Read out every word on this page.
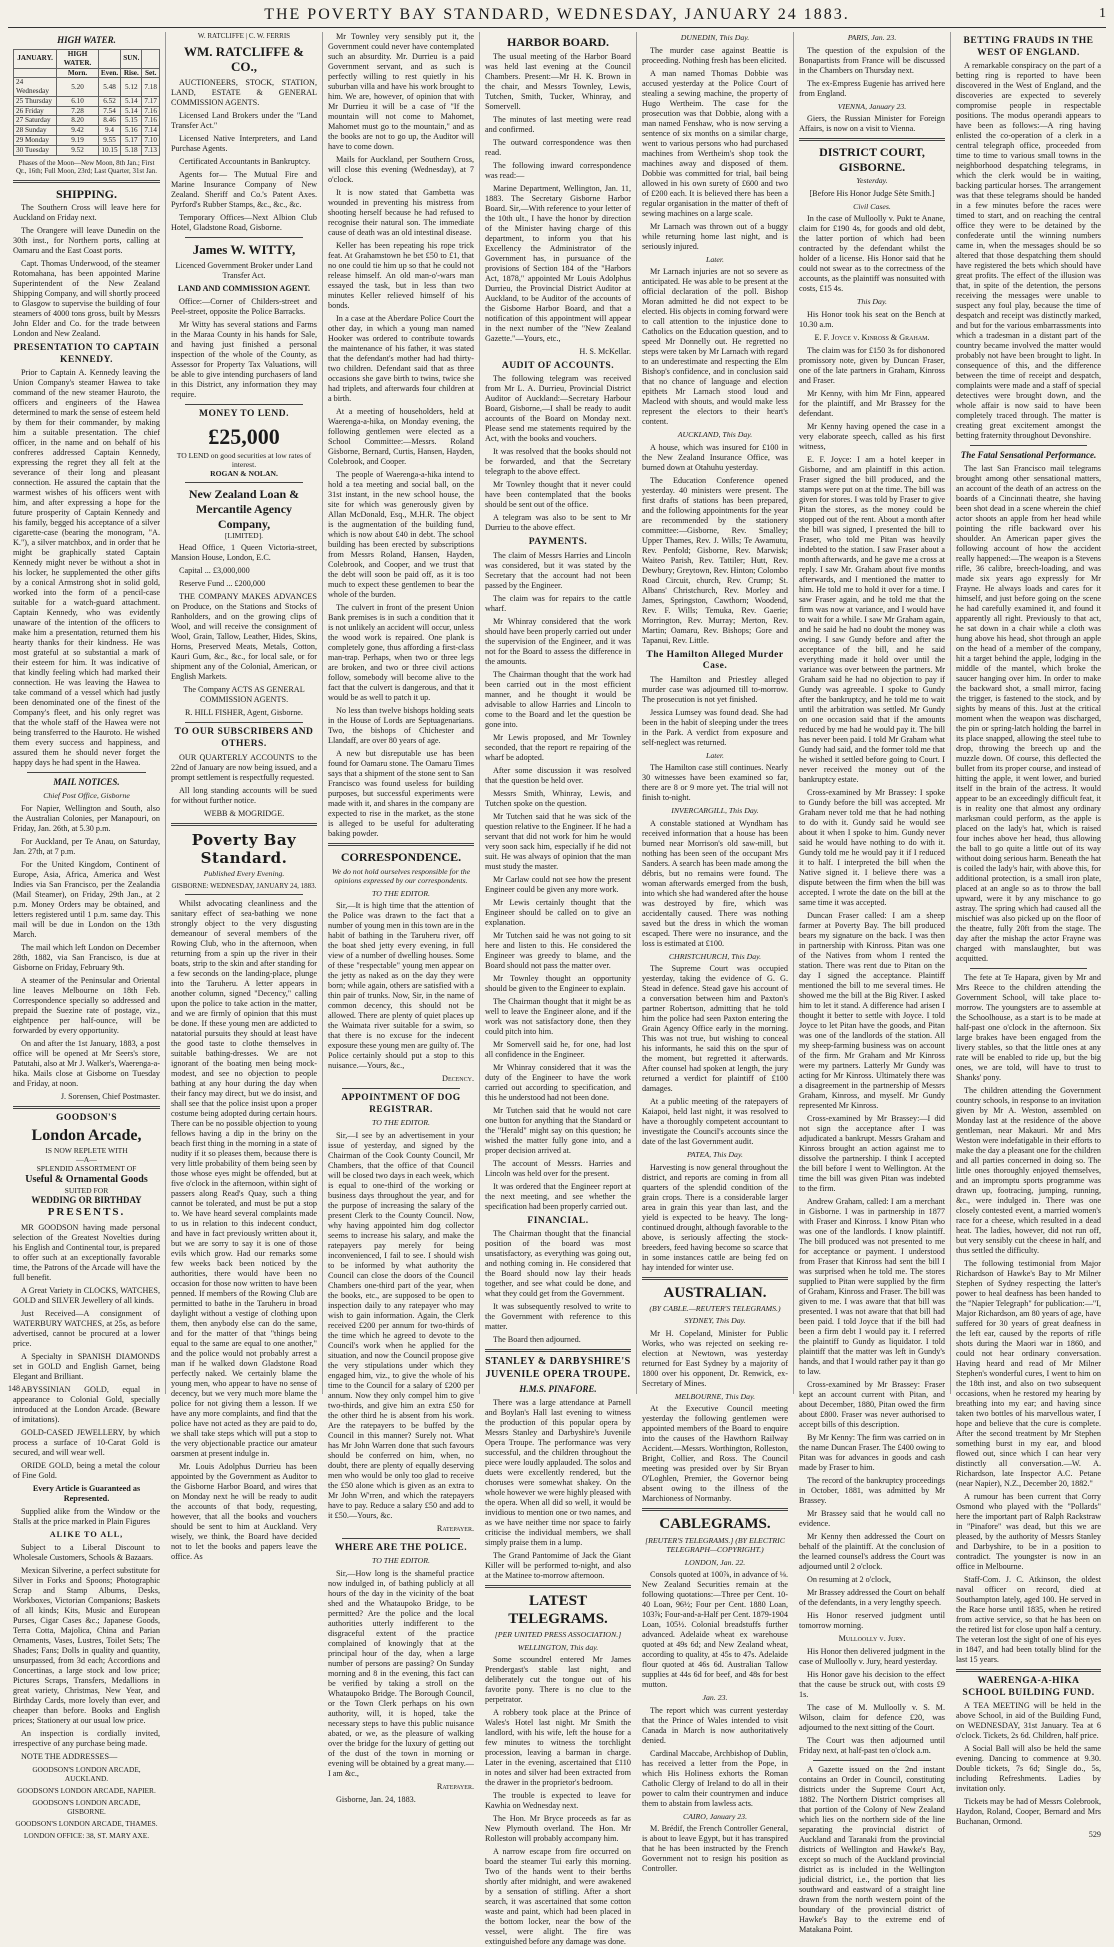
THE POVERTY BAY STANDARD, WEDNESDAY, JANUARY 24 1883.	1
HIGH WATER.
JANUARY.	HIGH WATER.		SUN.	
	Morn.	Even.	Rise.	Set.
24 Wednesday	5.20	5.48	5.12	7.18
25 Thursday	6.10	6.52	5.14	7.17
26 Friday	7.28	7.54	5.14	7.16
27 Saturday	8.20	8.46	5.15	7.16
28 Sunday	9.42	9.4	5.16	7.14
29 Monday	9.19	9.55	5.17	7.10
30 Tuesday	9.52	10.15	5.18	7.13

Phases of the Moon—New Moon, 8th Jan.; First Qr., 16th; Full Moon, 23rd; Last Quarter, 31st Jan.

SHIPPING.

The Southern Cross will leave here for Auckland on Friday next.

The Orangere will leave Dunedin on the 30th inst., for Northern ports, calling at Oamaru and the East Coast ports.

Capt. Thomas Underwood, of the steamer Rotomahana, has been appointed Marine Superintendent of the New Zealand Shipping Company, and will shortly proceed to Glasgow to supervise the building of four steamers of 4000 tons gross, built by Messrs John Elder and Co. for the trade between London and New Zealand.

PRESENTATION TO CAPTAIN KENNEDY.

Prior to Captain A. Kennedy leaving the Union Company's steamer Hawea to take command of the new steamer Hauroto, the officers and engineers of the Hawea determined to mark the sense of esteem held by them for their commander, by making him a suitable presentation. The chief officer, in the name and on behalf of his confreres addressed Captain Kennedy, expressing the regret they all felt at the severance of their long and pleasant connection. He assured the captain that the warmest wishes of his officers went with him, and after expressing a hope for the future prosperity of Captain Kennedy and his family, begged his acceptance of a silver cigarette-case (bearing the monogram, "A. K."), a silver matchbox, and in order that he might be graphically stated Captain Kennedy might never be without a shot in his locker, he supplemented the other gifts by a conical Armstrong shot in solid gold, worked into the form of a pencil-case suitable for a watch-guard attachment. Captain Kennedy, who was evidently unaware of the intention of the officers to make him a presentation, returned them his hearty thanks for their kindness. He was most grateful at so substantial a mark of their esteem for him. It was indicative of that kindly feeling which had marked their connection. He was leaving the Hawea to take command of a vessel which had justly been denominated one of the finest of the Company's fleet, and his only regret was that the whole staff of the Hawea were not being transferred to the Hauroto. He wished them every success and happiness, and assured them he should never forget the happy days he had spent in the Hawea.

MAIL NOTICES.
Chief Post Office, Gisborne

For Napier, Wellington and South, also the Australian Colonies, per Manapouri, on Friday, Jan. 26th, at 5.30 p.m.

For Auckland, per Te Anau, on Saturday, Jan. 27th, at 7 p.m.

For the United Kingdom, Continent of Europe, Asia, Africa, America and West Indies via San Francisco, per the Zealandia (Mail Steamer), on Friday, 29th Jan., at 2 p.m. Money Orders may be obtained, and letters registered until 1 p.m. same day. This mail will be due in London on the 13th March.

The mail which left London on December 28th, 1882, via San Francisco, is due at Gisborne on Friday, February 9th.

A steamer of the Peninsular and Oriental line leaves Melbourne on 18th Feb. Correspondence specially so addressed and prepaid the Suezine rate of postage, viz., eightpence per half-ounce, will be forwarded by every opportunity.

On and after the 1st January, 1883, a post office will be opened at Mr Seers's store, Patutahi, also at Mr J. Walker's, Waerenga-a-hika. Mails close at Gisborne on Tuesday and Friday, at noon.

J. Sorensen, Chief Postmaster.

GOODSON'S
London Arcade,
IS NOW REPLETE WITH
—A—
SPLENDID ASSORTMENT OF
Useful & Ornamental Goods
SUITED FOR
WEDDING OR BIRTHDAY
PRESENTS.

MR GOODSON having made personal selection of the Greatest Novelties during his English and Continental tour, is prepared to offer such at an exceptionally favorable time, the Patrons of the Arcade will have the full benefit.

A Great Variety in CLOCKS, WATCHES, GOLD and SILVER Jewellery of all kinds.

Just Received—A consignment of WATERBURY WATCHES, at 25s, as before advertised, cannot be procured at a lower price.

A Specialty in SPANISH DIAMONDS set in GOLD and English Garnet, being Elegant and Brilliant.

ABYSSINIAN GOLD, equal in appearance to Colonial Gold, specially introduced at the London Arcade. (Beware of imitations).

GOLD-CASED JEWELLERY, by which process a surface of 10-Carat Gold is secured, and will wear well.

ORIDE GOLD, being a metal the colour of Fine Gold.

Every Article is Guaranteed as Represented.

Supplied alike from the Window or the Stalls at the price marked in Plain Figures

ALIKE TO ALL,

Subject to a Liberal Discount to Wholesale Customers, Schools & Bazaars.

Mexican Silverine, a perfect substitute for Silver in Forks and Spoons; Photographic Scrap and Stamp Albums, Desks, Workboxes, Victorian Companions; Baskets of all kinds; Kits, Music and European Purses, Cigar Cases &c.; Japanese Goods, Terra Cotta, Majolica, China and Parian Ornaments, Vases, Lustres, Toilet Sets; The Shades; Fans; Dolls in quality and quantity, unsurpassed, from 3d each; Accordions and Concertinas, a large stock and low price; Pictures Scraps, Transfers, Medallions in great variety, Christmas, New Year, and Birthday Cards, more lovely than ever, and cheaper than before. Books and English prices; Stationery at our usual low price.

An inspection is cordially invited, irrespective of any purchase being made.

NOTE THE ADDRESSES—

GOODSON'S LONDON ARCADE, AUCKLAND.

GOODSON'S LONDON ARCADE, NAPIER.

GOODSON'S LONDON ARCADE, GISBORNE.

GOODSON'S LONDON ARCADE, THAMES.

LONDON OFFICE: 38, ST. MARY AXE.

148

W. RATCLIFFE | C. W. FERRIS

WM. RATCLIFFE & CO.,

AUCTIONEERS, STOCK, STATION, LAND, ESTATE & GENERAL COMMISSION AGENTS.

Licensed Land Brokers under the "Land Transfer Act."

Licensed Native Interpreters, and Land Purchase Agents.

Certificated Accountants in Bankruptcy.

Agents for— The Mutual Fire and Marine Insurance Company of New Zealand. Sheriff and Co.'s Patent Axes. Pyrford's Rubber Stamps, &c., &c., &c.

Temporary Offices—Next Albion Club Hotel, Gladstone Road, Gisborne.

James W. WITTY,

Licenced Government Broker under Land Transfer Act.

LAND AND COMMISSION AGENT.

Office:—Corner of Childers-street and Peel-street, opposite the Police Barracks.

Mr Witty has several stations and Farms in the Maraa County in his hands for Sale, and having just finished a personal inspection of the whole of the County, as Assessor for Property Tax Valuations, will be able to give intending purchasers of land in this District, any information they may require.

MONEY TO LEND.
£25,000
TO LEND on good securities at low rates of interest.
ROGAN & NOLAN.
New Zealand Loan & Mercantile Agency Company,
[LIMITED].

Head Office, 1 Queen Victoria-street, Mansion House, London, E.C.

Capital ... £3,000,000

Reserve Fund ... £200,000

THE COMPANY MAKES ADVANCES on Produce, on the Stations and Stocks of Ranholders, and on the growing clips of Wool, and will receive the consignment of Wool, Grain, Tallow, Leather, Hides, Skins, Horns, Preserved Meats, Metals, Cotton, Kauri Gum, &c., &c., for local sale, or for shipment any of the Colonial, American, or English Markets.

The Company ACTS AS GENERAL COMMISSION AGENTS.

R. HILL FISHER, Agent, Gisborne.

TO OUR SUBSCRIBERS AND OTHERS.

OUR QUARTERLY ACCOUNTS to the 22nd of January are now being issued, and a prompt settlement is respectfully requested.

All long standing accounts will be sued for without further notice.

WEBB & MOGRIDGE.

Poverty Bay Standard.
Published Every Evening.

GISBORNE: WEDNESDAY, JANUARY 24, 1883.

Whilst advocating cleanliness and the sanitary effect of sea-bathing we none strongly object to the very disgusting demeanour of several members of the Rowing Club, who in the afternoon, when returning from a spin up the river in their boats, strip to the skin and after standing for a few seconds on the landing-place, plunge into the Taruheru. A letter appears in another column, signed "Decency," calling upon the police to take action in the matter, and we are firmly of opinion that this must be done. If these young men are addicted to natatorial pursuits they should at least have the good taste to clothe themselves in suitable bathing-dresses. We are not ignorant of the boating men being mock-modest, and see no objection to people bathing at any hour during the day when their fancy may direct, but we do insist, and shall see that the police insist upon a proper costume being adopted during certain hours. There can be no possible objection to young fellows having a dip in the briny on the beach first thing in the morning in a state of nudity if it so pleases them, because there is very little probability of them being seen by those whose eyes might be offended, but at five o'clock in the afternoon, within sight of passers along Read's Quay, such a thing cannot be tolerated, and must be put a stop to. We have heard several complaints made to us in relation to this indecent conduct, and have in fact previously written about it, but we are sorry to say it is one of those evils which grow. Had our remarks some few weeks back been noticed by the authorities, there would have been no occasion for those now written to have been penned. If members of the Rowing Club are permitted to bathe in the Taruheru in broad daylight without a vestige of clothing upon them, then anybody else can do the same, and for the matter of that "things being equal to the same are equal to one another," and the police would not probably arrest a man if he walked down Gladstone Road perfectly naked. We certainly blame the young men, who appear to have no sense of decency, but we very much more blame the police for not giving them a lesson. If we have any more complaints, and find that the police have not acted as they are paid to do, we shall take steps which will put a stop to the very objectionable practice our amateur oarsmen at present indulge in.

Mr. Louis Adolphus Durrieu has been appointed by the Government as Auditor to the Gisborne Harbor Board, and wires that on Monday next he will be ready to audit the accounts of that body, requesting, however, that all the books and vouchers should be sent to him at Auckland. Very wisely, we think, the Board have decided not to let the books and papers leave the office. As

Mr Townley very sensibly put it, the Government could never have contemplated such an absurdity. Mr. Durrieu is a paid Government servant, and as such is perfectly willing to rest quietly in his suburban villa and have his work brought to him. We are, however, of opinion that with Mr Durrieu it will be a case of "If the mountain will not come to Mahomet, Mahomet must go to the mountain," and as the books are not to go up, the Auditor will have to come down.

Mails for Auckland, per Southern Cross, will close this evening (Wednesday), at 7 o'clock.

It is now stated that Gambetta was wounded in preventing his mistress from shooting herself because he had refused to recognise their natural son. The immediate cause of death was an old intestinal disease.

Keller has been repeating his rope trick feat. At Grahamstown he bet £50 to £1, that no one could tie him up so that he could not release himself. An old man-o'-wars man essayed the task, but in less than two minutes Keller relieved himself of his bonds.

In a case at the Aberdare Police Court the other day, in which a young man named Hooker was ordered to contribute towards the maintenance of his father, it was stated that the defendant's mother had had thirty-two children. Defendant said that as three occasions she gave birth to twins, twice she had triplets, and afterwards four children at a birth.

At a meeting of householders, held at Waerenga-a-hika, on Monday evening, the following gentlemen were elected as a School Committee:—Messrs. Roland Gisborne, Bernard, Curtis, Hansen, Hayden, Colebrook, and Cooper.

The people of Waerenga-a-hika intend to hold a tea meeting and social ball, on the 31st instant, in the new school house, the site for which was generously given by Allan McDonald, Esq., M.H.R. The object is the augmentation of the building fund, which is now about £40 in debt. The school building has been erected by subscriptions from Messrs Roland, Hansen, Hayden, Colebrook, and Cooper, and we trust that the debt will soon be paid off, as it is too much to expect these gentlemen to bear the whole of the burden.

The culvert in front of the present Union Bank premises is in such a condition that it is not unlikely an accident will occur, unless the wood work is repaired. One plank is completely gone, thus affording a first-class man-trap. Perhaps, when two or three legs are broken, and two or three civil actions follow, somebody will become alive to the fact that the culvert is dangerous, and that it would be as well to patch it up.

No less than twelve bishops holding seats in the House of Lords are Septuagenarians. Two, the bishops of Chichester and Llandaff, are over 80 years of age.

A new but disreputable use has been found for Oamaru stone. The Oamaru Times says that a shipment of the stone sent to San Francisco was found useless for building purposes, but successful experiments were made with it, and shares in the company are expected to rise in the market, as the stone is alleged to be useful for adulterating baking powder.

CORRESPONDENCE.
We do not hold ourselves responsible for the opinions expressed by our correspondents.
TO THE EDITOR.

Sir,—It is high time that the attention of the Police was drawn to the fact that a number of young men in this town are in the habit of bathing in the Taruheru river, off the boat shed jetty every evening, in full view of a number of dwelling houses. Some of these "respectable" young men appear on the jetty as naked as on the day they were born; while again, others are satisfied with a thin pair of trunks. Now, Sir, in the name of common decency, this should not be allowed. There are plenty of quiet places up the Waimata river suitable for a swim, so that there is no excuse for the indecent exposure these young men are guilty of. The Police certainly should put a stop to this nuisance.—Yours, &c.,

Decency.

APPOINTMENT OF DOG REGISTRAR.
TO THE EDITOR.

Sir,—I see by an advertisement in your issue of yesterday, and signed by the Chairman of the Cook County Council, Mr Chambers, that the office of that Council will be closed two days in each week, which is equal to one-third of the working or business days throughout the year, and for the purpose of increasing the salary of the present Clerk to the County Council. Now, why having appointed him dog collector seems to increase his salary, and make the ratepayers pay merely for being inconvenienced, I fail to see. I should wish to be informed by what authority the Council can close the doors of the Council Chambers one-third part of the year, when the books, etc., are supposed to be open to inspection daily to any ratepayer who may wish to gain information. Again, the Clerk received £200 per annum for two-thirds of the time which he agreed to devote to the Council's work when he applied for the situation, and now the Council propose give the very stipulations under which they engaged him, viz., to give the whole of his time to the Council for a salary of £200 per annum. Now they only compel him to give two-thirds, and give him an extra £50 for the other third he is absent from his work. Are the ratepayers to be buffed by the Council in this manner? Surely not. What has Mr John Warren done that such favours should be conferred on him, when, no doubt, there are plenty of equally deserving men who would be only too glad to receive the £50 alone which is given as an extra to Mr John W'rren, and which the ratepayers have to pay. Reduce a salary £50 and add to it £50.—Yours, &c.

Ratepayer.

WHERE ARE THE POLICE.
TO THE EDITOR.

Sir,—How long is the shameful practice now indulged in, of bathing publicly at all hours of the day in the vicinity of the boat shed and the Whataupoko Bridge, to be permitted? Are the police and the local authorities utterly indifferent to the disgraceful extent of the practice complained of knowingly that at the principal hour of the day, when a large number of persons are passing? On Sunday morning and 8 in the evening, this fact can be verified by taking a stroll on the Whataupoko Bridge. The Borough Council, or the Town Clerk perhaps on his own authority, will, it is hoped, take the necessary steps to have this public nuisance abated, or we, as the pleasure of walking over the bridge for the luxury of getting out of the dust of the town in morning or evening will be obtained by a great many.—I am &c.,

Ratepayer.

Gisborne, Jan. 24, 1883.

HARBOR BOARD.

The usual meeting of the Harbor Board was held last evening at the Council Chambers. Present:—Mr H. K. Brown in the chair, and Messrs Townley, Lewis, Tutchen, Smith, Tucker, Whinray, and Somervell.

The minutes of last meeting were read and confirmed.

The outward correspondence was then read.

The following inward correspondence was read:—

Marine Department, Wellington, Jan. 11, 1883. The Secretary Gisborne Harbor Board. Sir,—With reference to your letter of the 10th ult., I have the honor by direction of the Minister having charge of this department, to inform you that his Excellency the Administrator of the Government has, in pursuance of the provisions of Section 184 of the "Harbors Act, 1878," appointed Mr Louis Adolphus Durrieu, the Provincial District Auditor at Auckland, to be Auditor of the accounts of the Gisborne Harbor Board, and that a notification of this appointment will appear in the next number of the "New Zealand Gazette."—Yours, etc.,

H. S. McKellar.

AUDIT OF ACCOUNTS.

The following telegram was received from Mr L. A. Durrieu, Provincial District Auditor of Auckland:—Secretary Harbour Board, Gisborne,—I shall be ready to audit accounts of the Board on Monday next. Please send me statements required by the Act, with the books and vouchers.

It was resolved that the books should not be forwarded, and that the Secretary telegraph to the above effect.

Mr Townley thought that it never could have been contemplated that the books should be sent out of the office.

A telegram was also to be sent to Mr Durrieu to the above effect.

PAYMENTS.

The claim of Messrs Harries and Lincoln was considered, but it was stated by the Secretary that the account had not been passed by the Engineer.

The claim was for repairs to the cattle wharf.

Mr Whinray considered that the work should have been properly carried out under the supervision of the Engineer, and it was not for the Board to assess the difference in the amounts.

The Chairman thought that the work had been carried out in the most efficient manner, and he thought it would be advisable to allow Harries and Lincoln to come to the Board and let the question be gone into.

Mr Lewis proposed, and Mr Townley seconded, that the report re repairing of the wharf be adopted.

After some discussion it was resolved that the question be held over.

Messrs Smith, Whinray, Lewis, and Tutchen spoke on the question.

Mr Tutchen said that he was sick of the question relative to the Engineer. If he had a servant that did not work for him he would very soon sack him, especially if he did not suit. He was always of opinion that the man must study the master.

Mr Carlaw could not see how the present Engineer could be given any more work.

Mr Lewis certainly thought that the Engineer should be called on to give an explanation.

Mr Tutchen said he was not going to sit here and listen to this. He considered the Engineer was greedy to blame, and the Board should not pass the matter over.

Mr Townley thought an opportunity should be given to the Engineer to explain.

The Chairman thought that it might be as well to leave the Engineer alone, and if the work was not satisfactory done, then they could pitch into him.

Mr Somervell said he, for one, had lost all confidence in the Engineer.

Mr Whinray considered that it was the duty of the Engineer to have the work carried out according to specification, and this he understood had not been done.

Mr Tutchen said that he would not care one button for anything that the Standard or the "Herald" might say on this question; he wished the matter fully gone into, and a proper decision arrived at.

The account of Messrs. Harries and Lincoln was held over for the present.

It was ordered that the Engineer report at the next meeting, and see whether the specification had been properly carried out.

FINANCIAL.

The Chairman thought that the financial position of the board was most unsatisfactory, as everything was going out, and nothing coming in. He considered that the Board should now lay their heads together, and see what could be done, and what they could get from the Government.

It was subsequently resolved to write to the Government with reference to this matter.

The Board then adjourned.

STANLEY & DARBYSHIRE'S JUVENILE OPERA TROUPE.
H.M.S. PINAFORE.

There was a large attendance at Parnell and Boylan's Hall last evening to witness the production of this popular opera by Messrs Stanley and Darbyshire's Juvenile Opera Troupe. The performance was very successful, and the children throughout the piece were loudly applauded. The solos and duets were excellently rendered, but the choruses were somewhat shakey. On the whole however we were highly pleased with the opera. When all did so well, it would be invidious to mention one or two names, and as we have neither time nor space to fairly criticise the individual members, we shall simply praise them in a lump.

The Grand Pantomime of Jack the Giant Killer will be performed to-night, and also at the Matinee to-morrow afternoon.

LATEST TELEGRAMS.
[PER UNITED PRESS ASSOCIATION.]
WELLINGTON, This day.

Some scoundrel entered Mr James Prendergast's stable last night, and deliberately cut the tongue out of his favorite pony. There is no clue to the perpetrator.

A robbery took place at the Prince of Wales's Hotel last night. Mr Smith the landlord, with his wife, left the house for a few minutes to witness the torchlight procession, leaving a barman in charge. Later in the evening, ascertained that £110 in notes and silver had been extracted from the drawer in the proprietor's bedroom.

The trouble is expected to leave for Kawhia on Wednesday next.

The Hon. Mr Bryce proceeds as far as New Plymouth overland. The Hon. Mr Rolleston will probably accompany him.

A narrow escape from fire occurred on board the steamer Tui early this morning. Two of the hands went to their berths shortly after midnight, and were awakened by a sensation of stifling. After a short search, it was ascertained that some cotton waste and paint, which had been placed in the bottom locker, near the bow of the vessel, were alight. The fire was extinguished before any damage was done.

DUNEDIN, This Day.

The murder case against Beattie is proceeding. Nothing fresh has been elicited.

A man named Thomas Dobbie was accused yesterday at the Police Court of stealing a sewing machine, the property of Hugo Wertheim. The case for the prosecution was that Dobbie, along with a man named Fenshaw, who is now serving a sentence of six months on a similar charge, went to various persons who had purchased machines from Wertheim's shop took the machines away and disposed of them. Dobbie was committed for trial, bail being allowed in his own surety of £600 and two of £200 each. It is believed there has been a regular organisation in the matter of theft of sewing machines on a large scale.

Mr Larnach was thrown out of a buggy while returning home last night, and is seriously injured.

Later.

Mr Larnach injuries are not so severe as anticipated. He was able to be present at the official declaration of the poll. Bishop Moran admitted he did not expect to be elected. His objects in coming forward were to call attention to the injustice done to Catholics on the Education question, and to speed Mr Donnelly out. He regretted no steps were taken by Mr Larnach with regard to an underestimate and respecting the Elm Bishop's confidence, and in conclusion said that no chance of language and election epithets Mr Larnach stood loud and Macleod with shouts, and would make less represent the electors to their heart's content.

AUCKLAND, This Day.

A house, which was insured for £100 in the New Zealand Insurance Office, was burned down at Otahuhu yesterday.

The Education Conference opened yesterday. 40 ministers were present. The first drafts of stations has been prepared, and the following appointments for the year are recommended by the stationery committee:—Gisborne, Rev. Smalley; Upper Thames, Rev. J. Wills; Te Awamutu, Rev. Penfold; Gisborne, Rev. Marwisk; Waiteo Parish, Rev. Tattiler; Hutt, Rev. Dewbury; Greytown, Rev. Hinton; Colombo Road Circuit, church, Rev. Crump; St. Albans' Christchurch, Rev. Morley and James, Springston, Cawthorn; Woodend, Rev. F. Wills; Temuka, Rev. Gaerie; Morrington, Rev. Murray; Merton, Rev. Martin; Oamaru, Rev. Bishops; Gore and Tapanui, Rev. Little.

The Hamilton Alleged Murder Case.

The Hamilton and Priestley alleged murder case was adjourned till to-morrow. The prosecution is not yet finished.

Jessica Lumsey was found dead. She had been in the habit of sleeping under the trees in the Park. A verdict from exposure and self-neglect was returned.

Later.

The Hamilton case still continues. Nearly 30 witnesses have been examined so far, there are 8 or 9 more yet. The trial will not finish to-night.

INVERCARGILL, This Day.

A constable stationed at Wyndham has received information that a house has been burned near Morrison's old saw-mill, but nothing has been seen of the occupant Mrs Sanders. A search has been made among the débris, but no remains were found. The woman afterwards emerged from the bush, into which she had wandered after the house was destroyed by fire, which was accidentally caused. There was nothing saved but the dress in which the woman escaped. There were no insurance, and the loss is estimated at £100.

CHRISTCHURCH, This Day.

The Supreme Court was occupied yesterday, taking the evidence of G. G. Stead in defence. Stead gave his account of a conversation between him and Paxton's partner Robertson, admitting that he told him the police had seen Paxton entering the Grain Agency Office early in the morning. This was not true, but wishing to conceal his informants, he said this on the spur of the moment, but regretted it afterwards. After counsel had spoken at length, the jury returned a verdict for plaintiff of £100 damages.

At a public meeting of the ratepayers of Kaiapoi, held last night, it was resolved to have a thoroughly competent accountant to investigate the Council's accounts since the date of the last Government audit.

PATEA, This Day.

Harvesting is now general throughout the district, and reports are coming in from all quarters of the splendid condition of the grain crops. There is a considerable larger area in grain this year than last, and the yield is expected to be heavy. The long-continued drought, although favorable to the above, is seriously affecting the stock-breeders, feed having become so scarce that in some instances cattle are being fed on hay intended for winter use.

AUSTRALIAN.
(BY CABLE.—REUTER'S TELEGRAMS.)
SYDNEY, This Day.

Mr H. Copeland, Minister for Public Works, who was rejected on seeking re-election at Newtown, was yesterday returned for East Sydney by a majority of 1800 over his opponent, Dr. Renwick, ex-Secretary of Mines.

MELBOURNE, This Day.

At the Executive Council meeting yesterday the following gentlemen were appointed members of the Board to enquire into the causes of the Hawthorn Railway Accident.—Messrs. Worthington, Rolleston, Bright, Collier, and Ross. The Council meeting was presided over by Sir Bryan O'Loghlen, Premier, the Governor being absent owing to the illness of the Marchioness of Normanby.

CABLEGRAMS.
[REUTER'S TELEGRAMS.] (BY ELECTRIC TELEGRAPH—COPYRIGHT.)
LONDON, Jan. 22.

Consols quoted at 100⅞, in advance of ⅛. New Zealand Securities remain at the following quotations:—Three per Cent. 10-40 Loan, 96½; Four per Cent. 1880 Loan, 103⅞; Four-and-a-Half per Cent. 1879-1904 Loan, 105½. Colonial breadstuffs further advanced. Adelaide wheat ex warehouse quoted at 49s 6d; and New Zealand wheat, according to quality, at 45s to 47s. Adelaide flour quoted at 46s 6d. Australian Tallow supplies at 44s 6d for beef, and 48s for best mutton.

Jan. 23.

The report which was current yesterday that the Prince of Wales intended to visit Canada in March is now authoritatively denied.

Cardinal Maccabe, Archbishop of Dublin, has received a letter from the Pope, in which His Holiness exhorts the Roman Catholic Clergy of Ireland to do all in their power to calm their countrymen and induce them to abstain from lawless acts.

CAIRO, January 23.

M. Brédif, the French Controller General, is about to leave Egypt, but it has transpired that he has been instructed by the French Government not to resign his position as Controller.

PARIS, Jan. 23.

The question of the expulsion of the Bonapartists from France will be discussed in the Chambers on Thursday next.

The ex-Empress Eugenie has arrived here from England.

VIENNA, January 23.

Giers, the Russian Minister for Foreign Affairs, is now on a visit to Vienna.

DISTRICT COURT, GISBORNE.
Yesterday.

[Before His Honor Judge Sète Smith.]

Civil Cases.

In the case of Mulloolly v. Pukt te Anane, claim for £190 4s, for goods and old debt, the latter portion of which had been contracted by the defendant whilst the holder of a license. His Honor said that he could not swear as to the correctness of the accounts, as the plaintiff was nonsuited with costs, £15 4s.

This Day.

His Honor took his seat on the Bench at 10.30 a.m.

E. F. Joyce v. Kinross & Graham.

The claim was for £150 3s for dishonored promissory note, given by Duncan Fraser, one of the late partners in Graham, Kinross and Fraser.

Mr Kenny, with him Mr Finn, appeared for the plaintiff, and Mr Brassey for the defendant.

Mr Kenny having opened the case in a very elaborate speech, called as his first witness,

E. F. Joyce: I am a hotel keeper in Gisborne, and am plaintiff in this action. Fraser signed the bill produced, and the stamps were put on at the time. The bill was given for stores. I was told by Fraser to give Pitan the stores, as the money could be stopped out of the rent. About a month after the bill was signed, I presented the bill to Fraser, who told me Pitan was heavily indebted to the station. I saw Fraser about a month afterwards, and he gave me a cross at reply. I saw Mr. Graham about five months afterwards, and I mentioned the matter to him. He told me to hold it over for a time. I saw Fraser again, and he told me that the firm was now at variance, and I would have to wait for a while. I saw Mr Graham again, and he said he had no doubt the money was owing. I saw Gundy before and after the acceptance of the bill, and he said everything made it hold over until the variance was over between the partners. Mr Graham said he had no objection to pay if Gundy was agreeable. I spoke to Gundy after the bankruptcy, and he told me to wait until the arbitration was settled. Mr Gundy on one occasion said that if the amounts reduced by me had he would pay it. The bill has never been paid. I told Mr Graham what Gundy had said, and the former told me that he wished it settled before going to Court. I never received the money out of the bankruptcy estate.

Cross-examined by Mr Brassey: I spoke to Gundy before the bill was accepted. Mr Graham never told me that he had nothing to do with it. Gundy said he would see about it when I spoke to him. Gundy never said he would have nothing to do with it. Gundy told me he would pay it if I reduced it to half. I interpreted the bill when the Native signed it. I believe there was a dispute between the firm when the bill was accepted. I wrote the date on the bill at the same time it was accepted.

Duncan Fraser called: I am a sheep farmer at Poverty Bay. The bill produced bears my signature on the back. I was then in partnership with Kinross. Pitan was one of the Natives from whom I rented the station. There was rent due to Pitan on the day I signed the acceptance. Plaintiff mentioned the bill to me several times. He showed me the bill at the Big River. I asked him to let it stand. A difference had arisen I thought it better to settle with Joyce. I told Joyce to let Pitan have the goods, and Pitan was one of the landlords of the station. All my sheep-farming business was on account of the firm. Mr Graham and Mr Kinross were my partners. Latterly Mr Gundy was acting for Mr Kinross. Ultimately there was a disagreement in the partnership of Messrs Graham, Kinross, and myself. Mr Gundy represented Mr Kinross.

Cross-examined by Mr Brassey:—I did not sign the acceptance after I was adjudicated a bankrupt. Messrs Graham and Kinross brought an action against me to dissolve the partnership. I think I accepted the bill before I went to Wellington. At the time the bill was given Pitan was indebted to the firm.

Andrew Graham, called: I am a merchant in Gisborne. I was in partnership in 1877 with Fraser and Kinross. I know Pitan who was one of the landlords. I know plaintiff. The bill produced was not presented to me for acceptance or payment. I understood from Fraser that Kinross had sent the bill I was surprised when he told me. The stores supplied to Pitan were supplied by the firm of Graham, Kinross and Fraser. The bill was given to me. I was aware that that bill was presented. I was not aware that that bill had been paid. I told Joyce that if the bill had been a firm debt I would pay it. I referred the plaintiff to Gundy as liquidator. I told plaintiff that the matter was left in Gundy's hands, and that I would rather pay it than go to law.

Cross-examined by Mr Brassey: Fraser kept an account current with Pitan, and about December, 1880, Pitan owed the firm about £800. Fraser was never authorised to accept bills of this description.

By Mr Kenny: The firm was carried on in the name Duncan Fraser. The £400 owing to Pitan was for advances in goods and cash made by Fraser to him.

The record of the bankruptcy proceedings in October, 1881, was admitted by Mr Brassey.

Mr Brassey said that he would call no evidence.

Mr Kenny then addressed the Court on behalf of the plaintiff. At the conclusion of the learned counsel's address the Court was adjourned until 2 o'clock.

On resuming at 2 o'clock,

Mr Brassey addressed the Court on behalf of the defendants, in a very lengthy speech.

His Honor reserved judgment until tomorrow morning.

Mulloolly v. Jury.

His Honor then delivered judgment in the case of Mulloolly v. Jury, heard yesterday.

His Honor gave his decision to the effect that the cause be struck out, with costs £9 1s.

The case of M. Mulloolly v. S. M. Wilson, claim for defence £20, was adjourned to the next sitting of the Court.

The Court was then adjourned until Friday next, at half-past ten o'clock a.m.

A Gazette issued on the 2nd instant contains an Order in Council, constituting districts under the Supreme Court Act, 1882. The Northern District comprises all that portion of the Colony of New Zealand which lies on the northern side of the line separating the provincial district of Auckland and Taranaki from the provincial districts of Wellington and Hawke's Bay, except so much of the Auckland provincial district as is included in the Wellington judicial district, i.e., the portion that lies southward and eastward of a straight line drawn from the north western point of the boundary of the provincial district of Hawke's Bay to the extreme end of Matakana Point.

BETTING FRAUDS IN THE WEST OF ENGLAND.

A remarkable conspiracy on the part of a betting ring is reported to have been discovered in the West of England, and the discoveries are expected to severely compromise people in respectable positions. The modus operandi appears to have been as follows:—A ring having enlisted the co-operation of a clerk in a central telegraph office, proceeded from time to time to various small towns in the neighborhood despatching telegrams, in which the clerk would be in waiting, backing particular horses. The arrangement was that these telegrams should be handed in a few minutes before the races were timed to start, and on reaching the central office they were to be detained by the confederate until the winning numbers came in, when the messages should be so altered that those despatching them should have registered the bets which should have great profits. The effect of the illusion was that, in spite of the detention, the persons receiving the messages were unable to suspect any foul play, because the time of despatch and receipt was distinctly marked, and but for the various embarrassments into which a tradesman in a distant part of the country became involved the matter would probably not have been brought to light. In consequence of this, and the difference between the time of receipt and despatch, complaints were made and a staff of special detectives were brought down, and the whole affair is now said to have been completely traced through. The matter is creating great excitement amongst the betting fraternity throughout Devonshire.

The Fatal Sensational Performance.

The last San Francisco mail telegrams brought among other sensational matters, an account of the death of an actress on the boards of a Cincinnati theatre, she having been shot dead in a scene wherein the chief actor shoots an apple from her head while pointing the rifle backward over his shoulder. An American paper gives the following account of how the accident really happened:—The weapon is a Stevens rifle, 36 calibre, breech-loading, and was made six years ago expressly for Mr Frayne. He always loads and cares for it himself, and just before going on the scene he had carefully examined it, and found it apparently all right. Previously to that act, he sat down in a chair while a cloth was hung above his head, shot through an apple on the head of a member of the company, hit a target behind the apple, lodging in the middle of the mantel, which broke the saucer hanging over him. In order to make the backward shot, a small mirror, facing the trigger, is fastened to the stock, and by sights by means of this. Just at the critical moment when the weapon was discharged, the pin or spring-latch holding the barrel in its place snapped, allowing the steel tube to drop, throwing the breech up and the muzzle down. Of course, this deflected the bullet from its proper course, and instead of hitting the apple, it went lower, and buried itself in the brain of the actress. It would appear to be an exceedingly difficult feat, it is in reality one that almost any ordinary marksman could perform, as the apple is placed on the lady's hat, which is raised four inches above her head, thus allowing the ball to go quite a little out of its way without doing serious harm. Beneath the hat is coiled the lady's hair, with above this, for additional protection, is a small iron plate, placed at an angle so as to throw the ball upward, were it by any mischance to go astray. The spring which had caused all the mischief was also picked up on the floor of the theatre, fully 20ft from the stage. The day after the mishap the actor Frayne was charged with manslaughter, but was acquitted.

The fete at Te Hapara, given by Mr and Mrs Reece to the children attending the Government School, will take place to-morrow. The youngsters are to assemble at the Schoolhouse, as a start is to be made at half-past one o'clock in the afternoon. Six large brakes have been engaged from the livery stables, so that the little ones at any rate will be enabled to ride up, but the big ones, we are told, will have to trust to Shanks' pony.

The children attending the Government country schools, in response to an invitation given by Mr A. Weston, assembled on Monday last at the residence of the above gentleman, near Makauri. Mr and Mrs Weston were indefatigable in their efforts to make the day a pleasant one for the children and all parties concerned in doing so. The little ones thoroughly enjoyed themselves, and an impromptu sports programme was drawn up, footracing, jumping, running, &c., were indulged in. There was one closely contested event, a married women's race for a cheese, which resulted in a dead heat. The ladies, however, did not run off, but very sensibly cut the cheese in half, and thus settled the difficulty.

The following testimonial from Major Richardson of Hawke's Bay to Mr Milner Stephen of Sydney respecting the latter's power to heal deafness has been handed to the "Napier Telegraph" for publication:—"I, Major Richardson, am 80 years of age, have suffered for 30 years of great deafness in the left ear, caused by the reports of rifle shots during the Maori war in 1860, and could not hear ordinary conversation. Having heard and read of Mr Milner Stephen's wonderful cures, I went to him on the 18th inst, and also on two subsequent occasions, when he restored my hearing by breathing into my ear; and having since taken two bottles of his marvellous water, I hope and believe that the cure is complete. After the second treatment by Mr Stephen something burst in my ear, and blood flowed out, since which I can hear very distinctly all conversation.—W. A. Richardson, late Inspector A.C. Petane (near Napier), N.Z., December 20, 1882."

A rumour has been current that Corry Osmond who played with the "Pollards" here the important part of Ralph Rackstraw in "Pinafore" was dead, but this we are pleased, by the authority of Messrs Stanley and Darbyshire, to be in a position to contradict. The youngster is now in an office in Melbourne.

Staff-Com. J. C. Atkinson, the oldest naval officer on record, died at Southampton lately, aged 100. He served in the Race horse until 1835, when he retired from active service, so that he has been on the retired list for close upon half a century. The veteran lost the sight of one of his eyes in 1847, and had been totally blind for the last 15 years.

WAERENGA-A-HIKA SCHOOL BUILDING FUND.

A TEA MEETING will be held in the above School, in aid of the Building Fund, on WEDNESDAY, 31st January. Tea at 6 o'clock. Tickets, 2s 6d. Children, half price.

A Social Ball will also be held the same evening. Dancing to commence at 9.30. Double tickets, 7s 6d; Single do., 5s, including Refreshments. Ladies by invitation only.

Tickets may be had of Messrs Colebrook, Haydon, Roland, Cooper, Bernard and Mrs Buchanan, Ormond.

529
